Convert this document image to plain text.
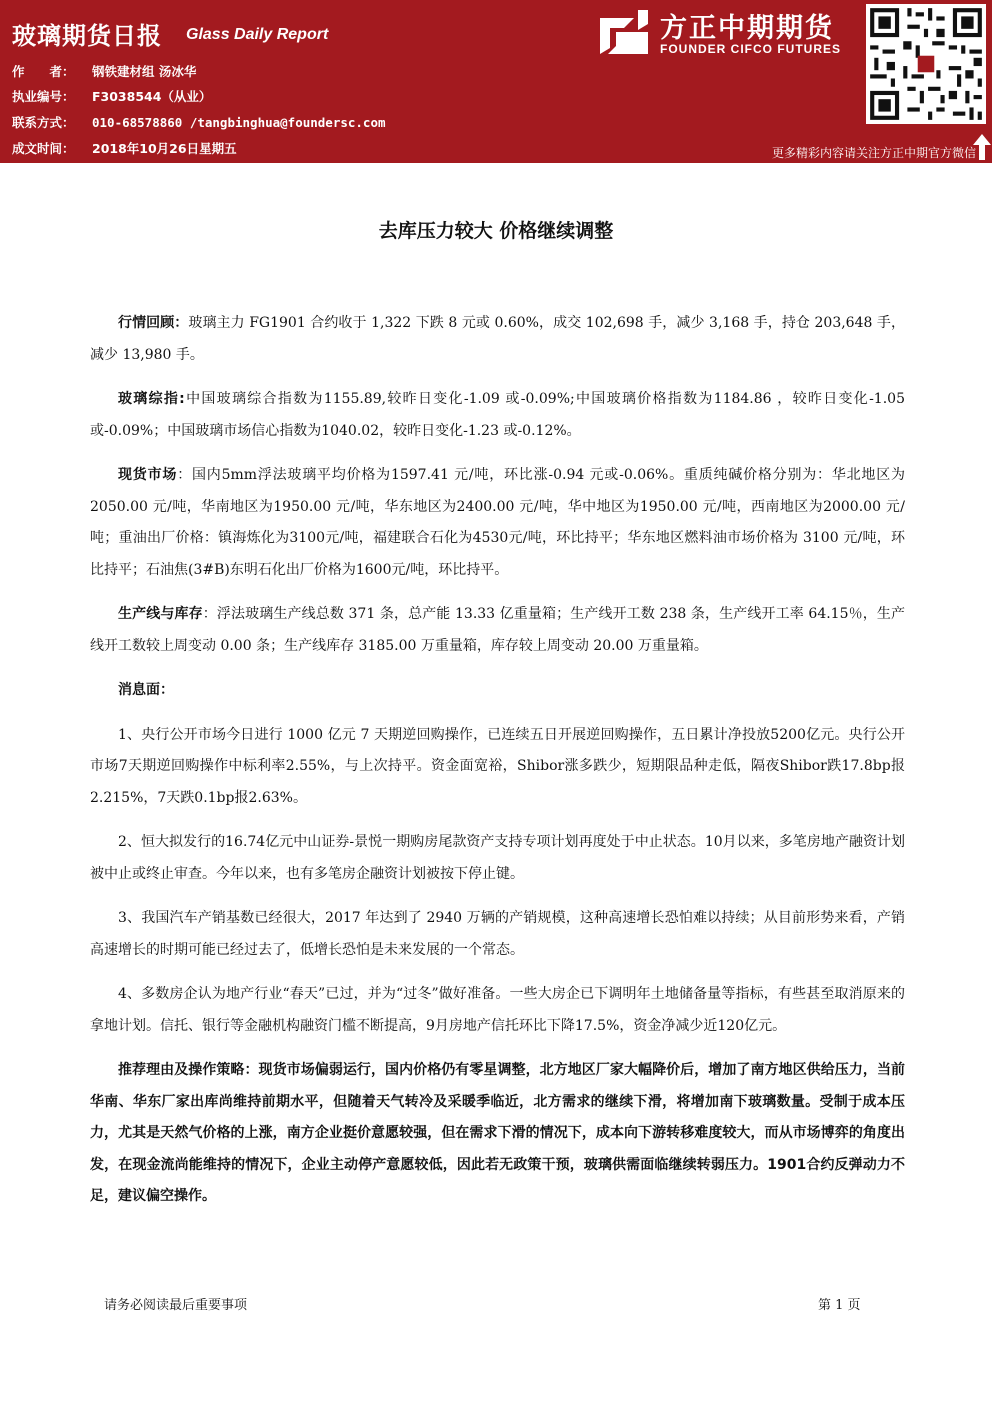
玻璃期货日报 Glass Daily Report
作　　者：	钢铁建材组 汤冰华
执业编号：	F3038544（从业）
联系方式：	010-68578860 /tangbinghua@foundersc.com
成文时间：	2018年10月26日星期五
方正中期期货
FOUNDER CIFCO FUTURES
更多精彩内容请关注方正中期官方微信
去库压力较大 价格继续调整

行情回顾：玻璃主力 FG1901 合约收于 1,322 下跌 8 元或 0.60%，成交 102,698 手，减少 3,168 手，持仓 203,648 手，减少 13,980 手。

玻璃综指:中国玻璃综合指数为1155.89,较昨日变化-1.09 或-0.09%;中国玻璃价格指数为1184.86 ，较昨日变化-1.05 或-0.09%；中国玻璃市场信心指数为1040.02，较昨日变化-1.23 或-0.12%。

现货市场：国内5mm浮法玻璃平均价格为1597.41 元/吨，环比涨-0.94 元或-0.06%。重质纯碱价格分别为：华北地区为2050.00 元/吨，华南地区为1950.00 元/吨，华东地区为2400.00 元/吨，华中地区为1950.00 元/吨，西南地区为2000.00 元/吨；重油出厂价格：镇海炼化为3100元/吨，福建联合石化为4530元/吨，环比持平；华东地区燃料油市场价格为 3100 元/吨，环比持平；石油焦(3#B)东明石化出厂价格为1600元/吨，环比持平。

生产线与库存：浮法玻璃生产线总数 371 条，总产能 13.33 亿重量箱；生产线开工数 238 条，生产线开工率 64.15％，生产线开工数较上周变动 0.00 条；生产线库存 3185.00 万重量箱，库存较上周变动 20.00 万重量箱。

消息面：

1、央行公开市场今日进行 1000 亿元 7 天期逆回购操作，已连续五日开展逆回购操作，五日累计净投放5200亿元。央行公开市场7天期逆回购操作中标利率2.55%，与上次持平。资金面宽裕，Shibor涨多跌少，短期限品种走低，隔夜Shibor跌17.8bp报2.215%，7天跌0.1bp报2.63%。

2、恒大拟发行的16.74亿元中山证券-景悦一期购房尾款资产支持专项计划再度处于中止状态。10月以来，多笔房地产融资计划被中止或终止审查。今年以来，也有多笔房企融资计划被按下停止键。

3、我国汽车产销基数已经很大，2017 年达到了 2940 万辆的产销规模，这种高速增长恐怕难以持续；从目前形势来看，产销高速增长的时期可能已经过去了，低增长恐怕是未来发展的一个常态。

4、多数房企认为地产行业“春天”已过，并为“过冬”做好准备。一些大房企已下调明年土地储备量等指标，有些甚至取消原来的拿地计划。信托、银行等金融机构融资门槛不断提高，9月房地产信托环比下降17.5%，资金净减少近120亿元。

推荐理由及操作策略：现货市场偏弱运行，国内价格仍有零星调整，北方地区厂家大幅降价后，增加了南方地区供给压力，当前华南、华东厂家出库尚维持前期水平，但随着天气转冷及采暖季临近，北方需求的继续下滑，将增加南下玻璃数量。受制于成本压力，尤其是天然气价格的上涨，南方企业挺价意愿较强，但在需求下滑的情况下，成本向下游转移难度较大，而从市场博弈的角度出发，在现金流尚能维持的情况下，企业主动停产意愿较低，因此若无政策干预，玻璃供需面临继续转弱压力。1901合约反弹动力不足，建议偏空操作。

请务必阅读最后重要事项	第 1 页
